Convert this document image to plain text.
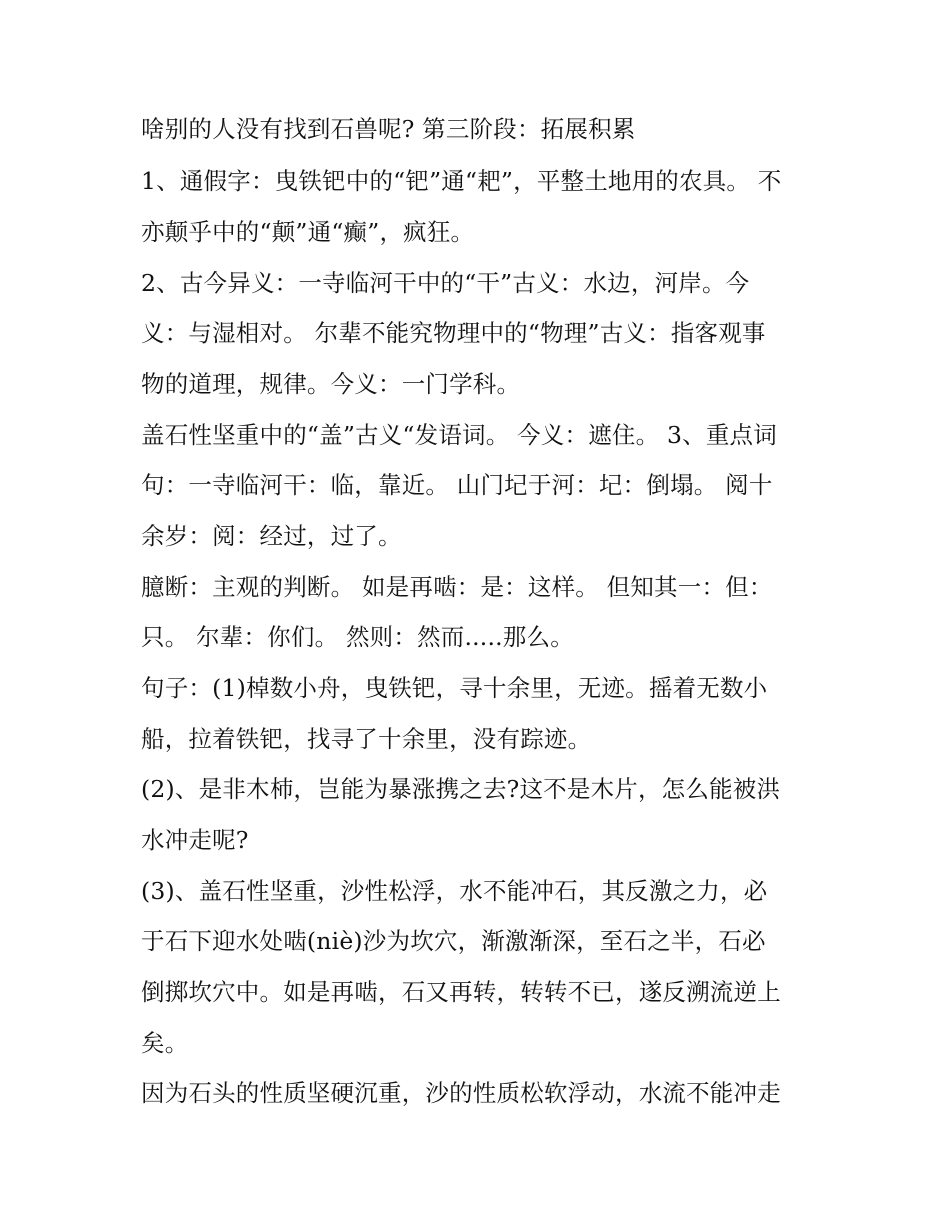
啥别的人没有找到石兽呢? 第三阶段：拓展积累
1、通假字：曳铁钯中的“钯”通“耙”，平整土地用的农具。 不
亦颠乎中的“颠”通“癫”，疯狂。
2、古今异义：一寺临河干中的“干”古义：水边，河岸。今
义：与湿相对。 尔辈不能究物理中的“物理”古义：指客观事
物的道理，规律。今义：一门学科。
盖石性坚重中的“盖”古义“发语词。 今义：遮住。 3、重点词
句：一寺临河干：临，靠近。 山门圮于河：圮：倒塌。 阅十
余岁：阅：经过，过了。
臆断：主观的判断。 如是再啮：是：这样。 但知其一：但：
只。 尔辈：你们。 然则：然而.....那么。
句子：(1)棹数小舟，曳铁钯，寻十余里，无迹。摇着无数小
船，拉着铁钯，找寻了十余里，没有踪迹。
(2)、是非木杮，岂能为暴涨携之去?这不是木片，怎么能被洪
水冲走呢?
(3)、盖石性坚重，沙性松浮，水不能冲石，其反激之力，必
于石下迎水处啮(niè)沙为坎穴，渐激渐深，至石之半，石必
倒掷坎穴中。如是再啮，石又再转，转转不已，遂反溯流逆上
矣。
因为石头的性质坚硬沉重，沙的性质松软浮动，水流不能冲走
